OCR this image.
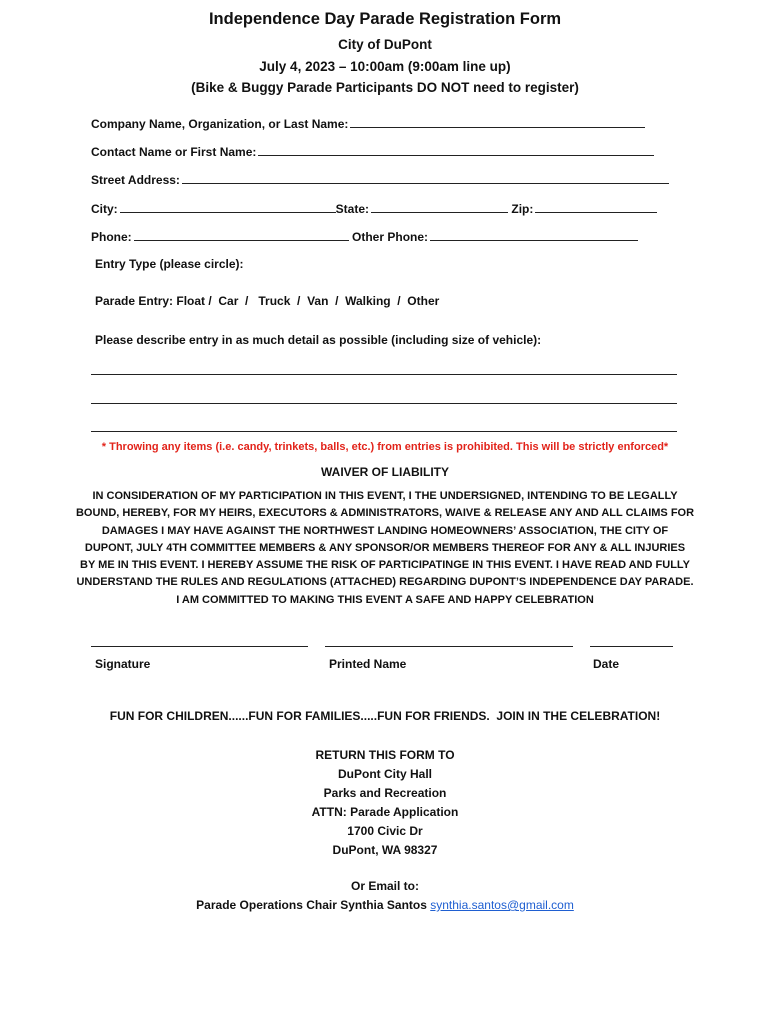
Independence Day Parade Registration Form
City of DuPont
July 4, 2023 – 10:00am (9:00am line up)
(Bike & Buggy Parade Participants DO NOT need to register)
Company Name, Organization, or Last Name:
Contact Name or First Name:
Street Address:
City:	State:	Zip:
Phone:	Other Phone:
Entry Type (please circle):
Parade Entry: Float /  Car  /   Truck  /  Van  /  Walking  /  Other
Please describe entry in as much detail as possible (including size of vehicle):
* Throwing any items (i.e. candy, trinkets, balls, etc.) from entries is prohibited. This will be strictly enforced*
WAIVER OF LIABILITY
IN CONSIDERATION OF MY PARTICIPATION IN THIS EVENT, I THE UNDERSIGNED, INTENDING TO BE LEGALLY
BOUND, HEREBY, FOR MY HEIRS, EXECUTORS & ADMINISTRATORS, WAIVE & RELEASE ANY AND ALL CLAIMS FOR
DAMAGES I MAY HAVE AGAINST THE NORTHWEST LANDING HOMEOWNERS’ ASSOCIATION, THE CITY OF
DUPONT, JULY 4TH COMMITTEE MEMBERS & ANY SPONSOR/OR MEMBERS THEREOF FOR ANY & ALL INJURIES
BY ME IN THIS EVENT. I HEREBY ASSUME THE RISK OF PARTICIPATINGE IN THIS EVENT. I HAVE READ AND FULLY
UNDERSTAND THE RULES AND REGULATIONS (ATTACHED) REGARDING DUPONT’S INDEPENDENCE DAY PARADE.
I AM COMMITTED TO MAKING THIS EVENT A SAFE AND HAPPY CELEBRATION
Signature	Printed Name	Date
FUN FOR CHILDREN......FUN FOR FAMILIES.....FUN FOR FRIENDS.  JOIN IN THE CELEBRATION!
RETURN THIS FORM TO
DuPont City Hall
Parks and Recreation
ATTN: Parade Application
1700 Civic Dr
DuPont, WA 98327
Or Email to:
Parade Operations Chair Synthia Santos synthia.santos@gmail.com
